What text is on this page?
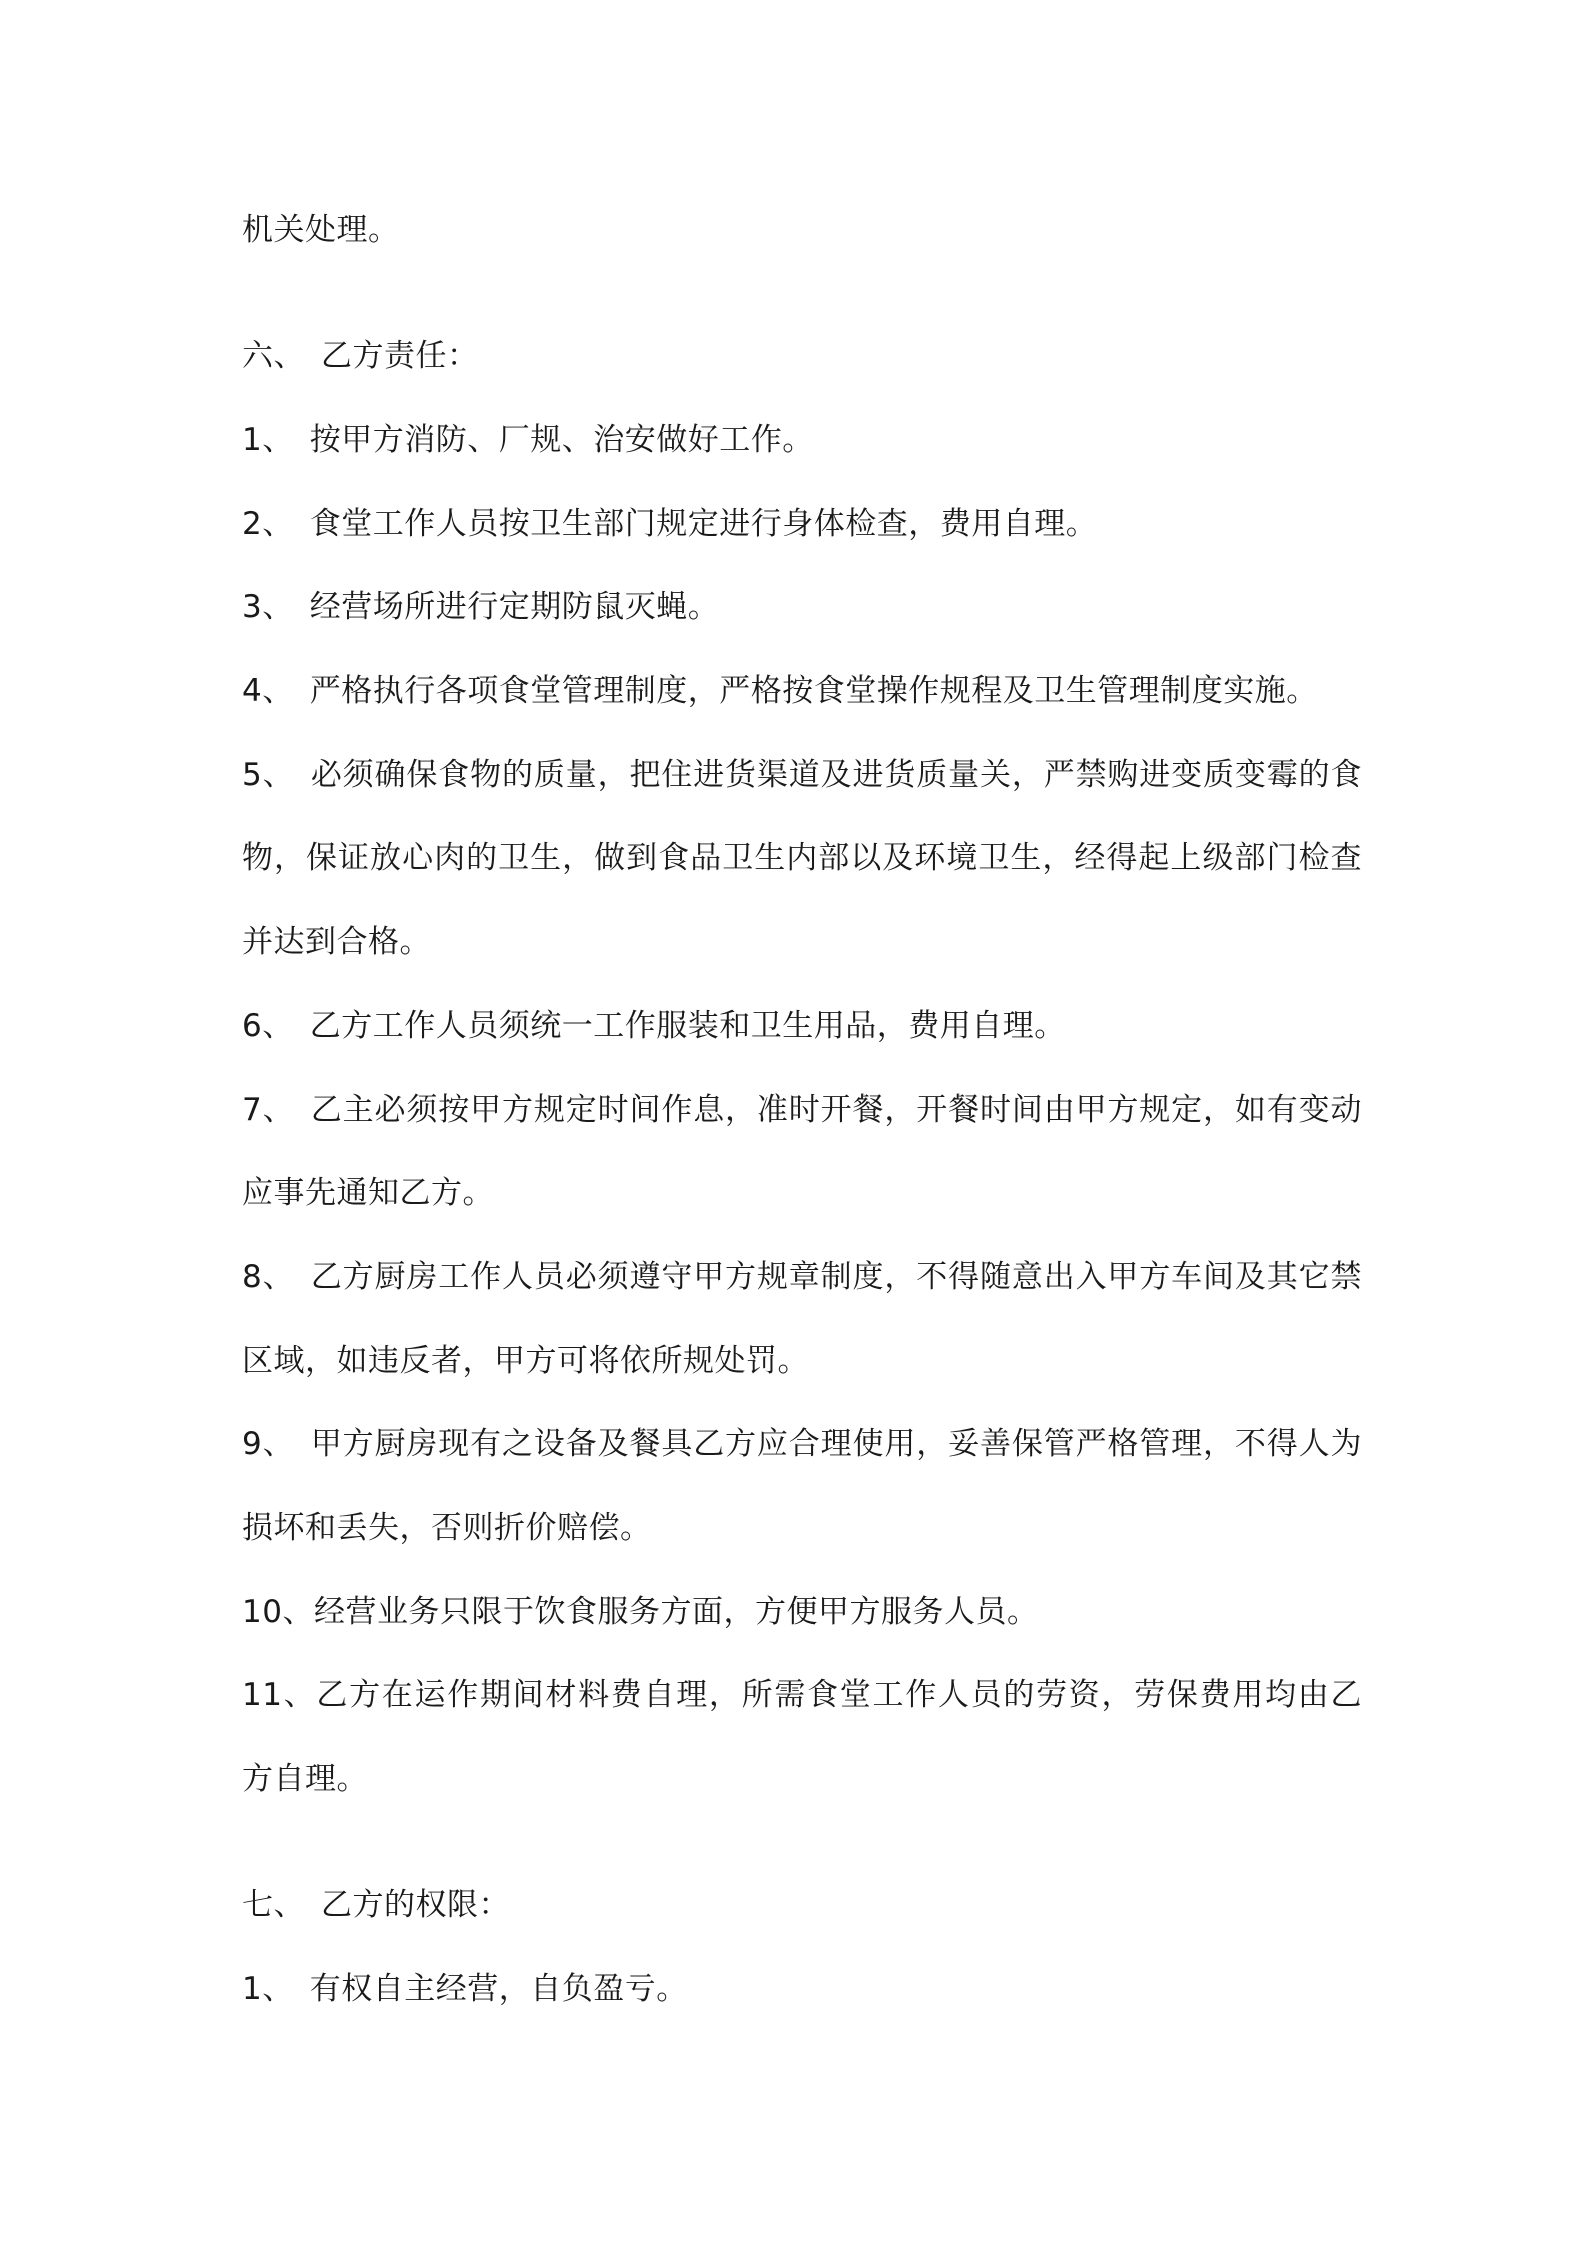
机关处理。
六、　乙方责任：
1、　按甲方消防、厂规、治安做好工作。
2、　食堂工作人员按卫生部门规定进行身体检查，费用自理。
3、　经营场所进行定期防鼠灭蝇。
4、　严格执行各项食堂管理制度，严格按食堂操作规程及卫生管理制度实施。
5、　必须确保食物的质量，把住进货渠道及进货质量关，严禁购进变质变霉的食
物，保证放心肉的卫生，做到食品卫生内部以及环境卫生，经得起上级部门检查
并达到合格。
6、　乙方工作人员须统一工作服装和卫生用品，费用自理。
7、　乙主必须按甲方规定时间作息，准时开餐，开餐时间由甲方规定，如有变动
应事先通知乙方。
8、　乙方厨房工作人员必须遵守甲方规章制度，不得随意出入甲方车间及其它禁
区域，如违反者，甲方可将依所规处罚。
9、　甲方厨房现有之设备及餐具乙方应合理使用，妥善保管严格管理，不得人为
损坏和丢失，否则折价赔偿。
10、经营业务只限于饮食服务方面，方便甲方服务人员。
11、乙方在运作期间材料费自理，所需食堂工作人员的劳资，劳保费用均由乙
方自理。
七、　乙方的权限：
1、　有权自主经营，自负盈亏。
